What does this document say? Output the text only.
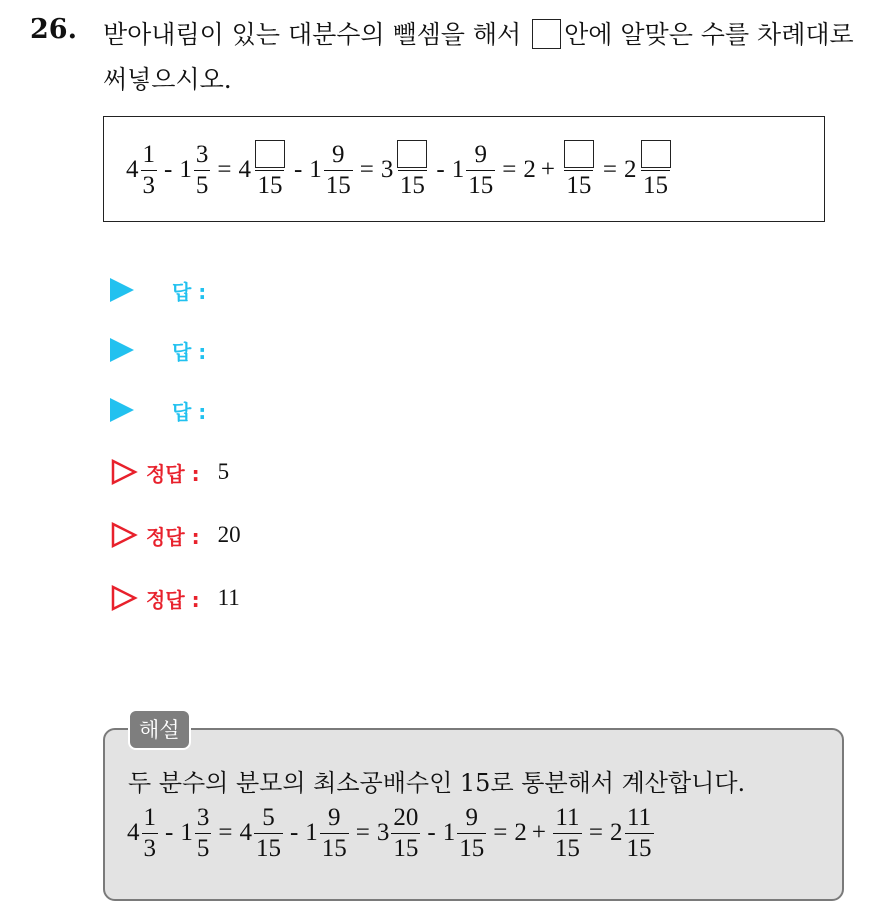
26. 받아내림이 있는 대분수의 뺄셈을 해서 안에 알맞은 수를 차례대로
써넣으시오.
$4 \frac{1}{3} - 1 \frac{3}{5} = 4$
15
- $1 \frac{9}{15} = 3$
15
- $1 \frac{9}{15} = 2$ +
15
= 2
15
답 :
답 :
답 :
정답 : 5
정답 : 20
정답 : 11
해설
두 분수의 분모의 최소공배수인 15로 통분해서 계산합니다.
$4 \frac{1}{3} - 1 \frac{3}{5} = 4 \frac{5}{15} - 1 \frac{9}{15} = 3 \frac{20}{15} - 1 \frac{9}{15} = 2 + \frac{11}{15} = 2 \frac{11}{15}$
